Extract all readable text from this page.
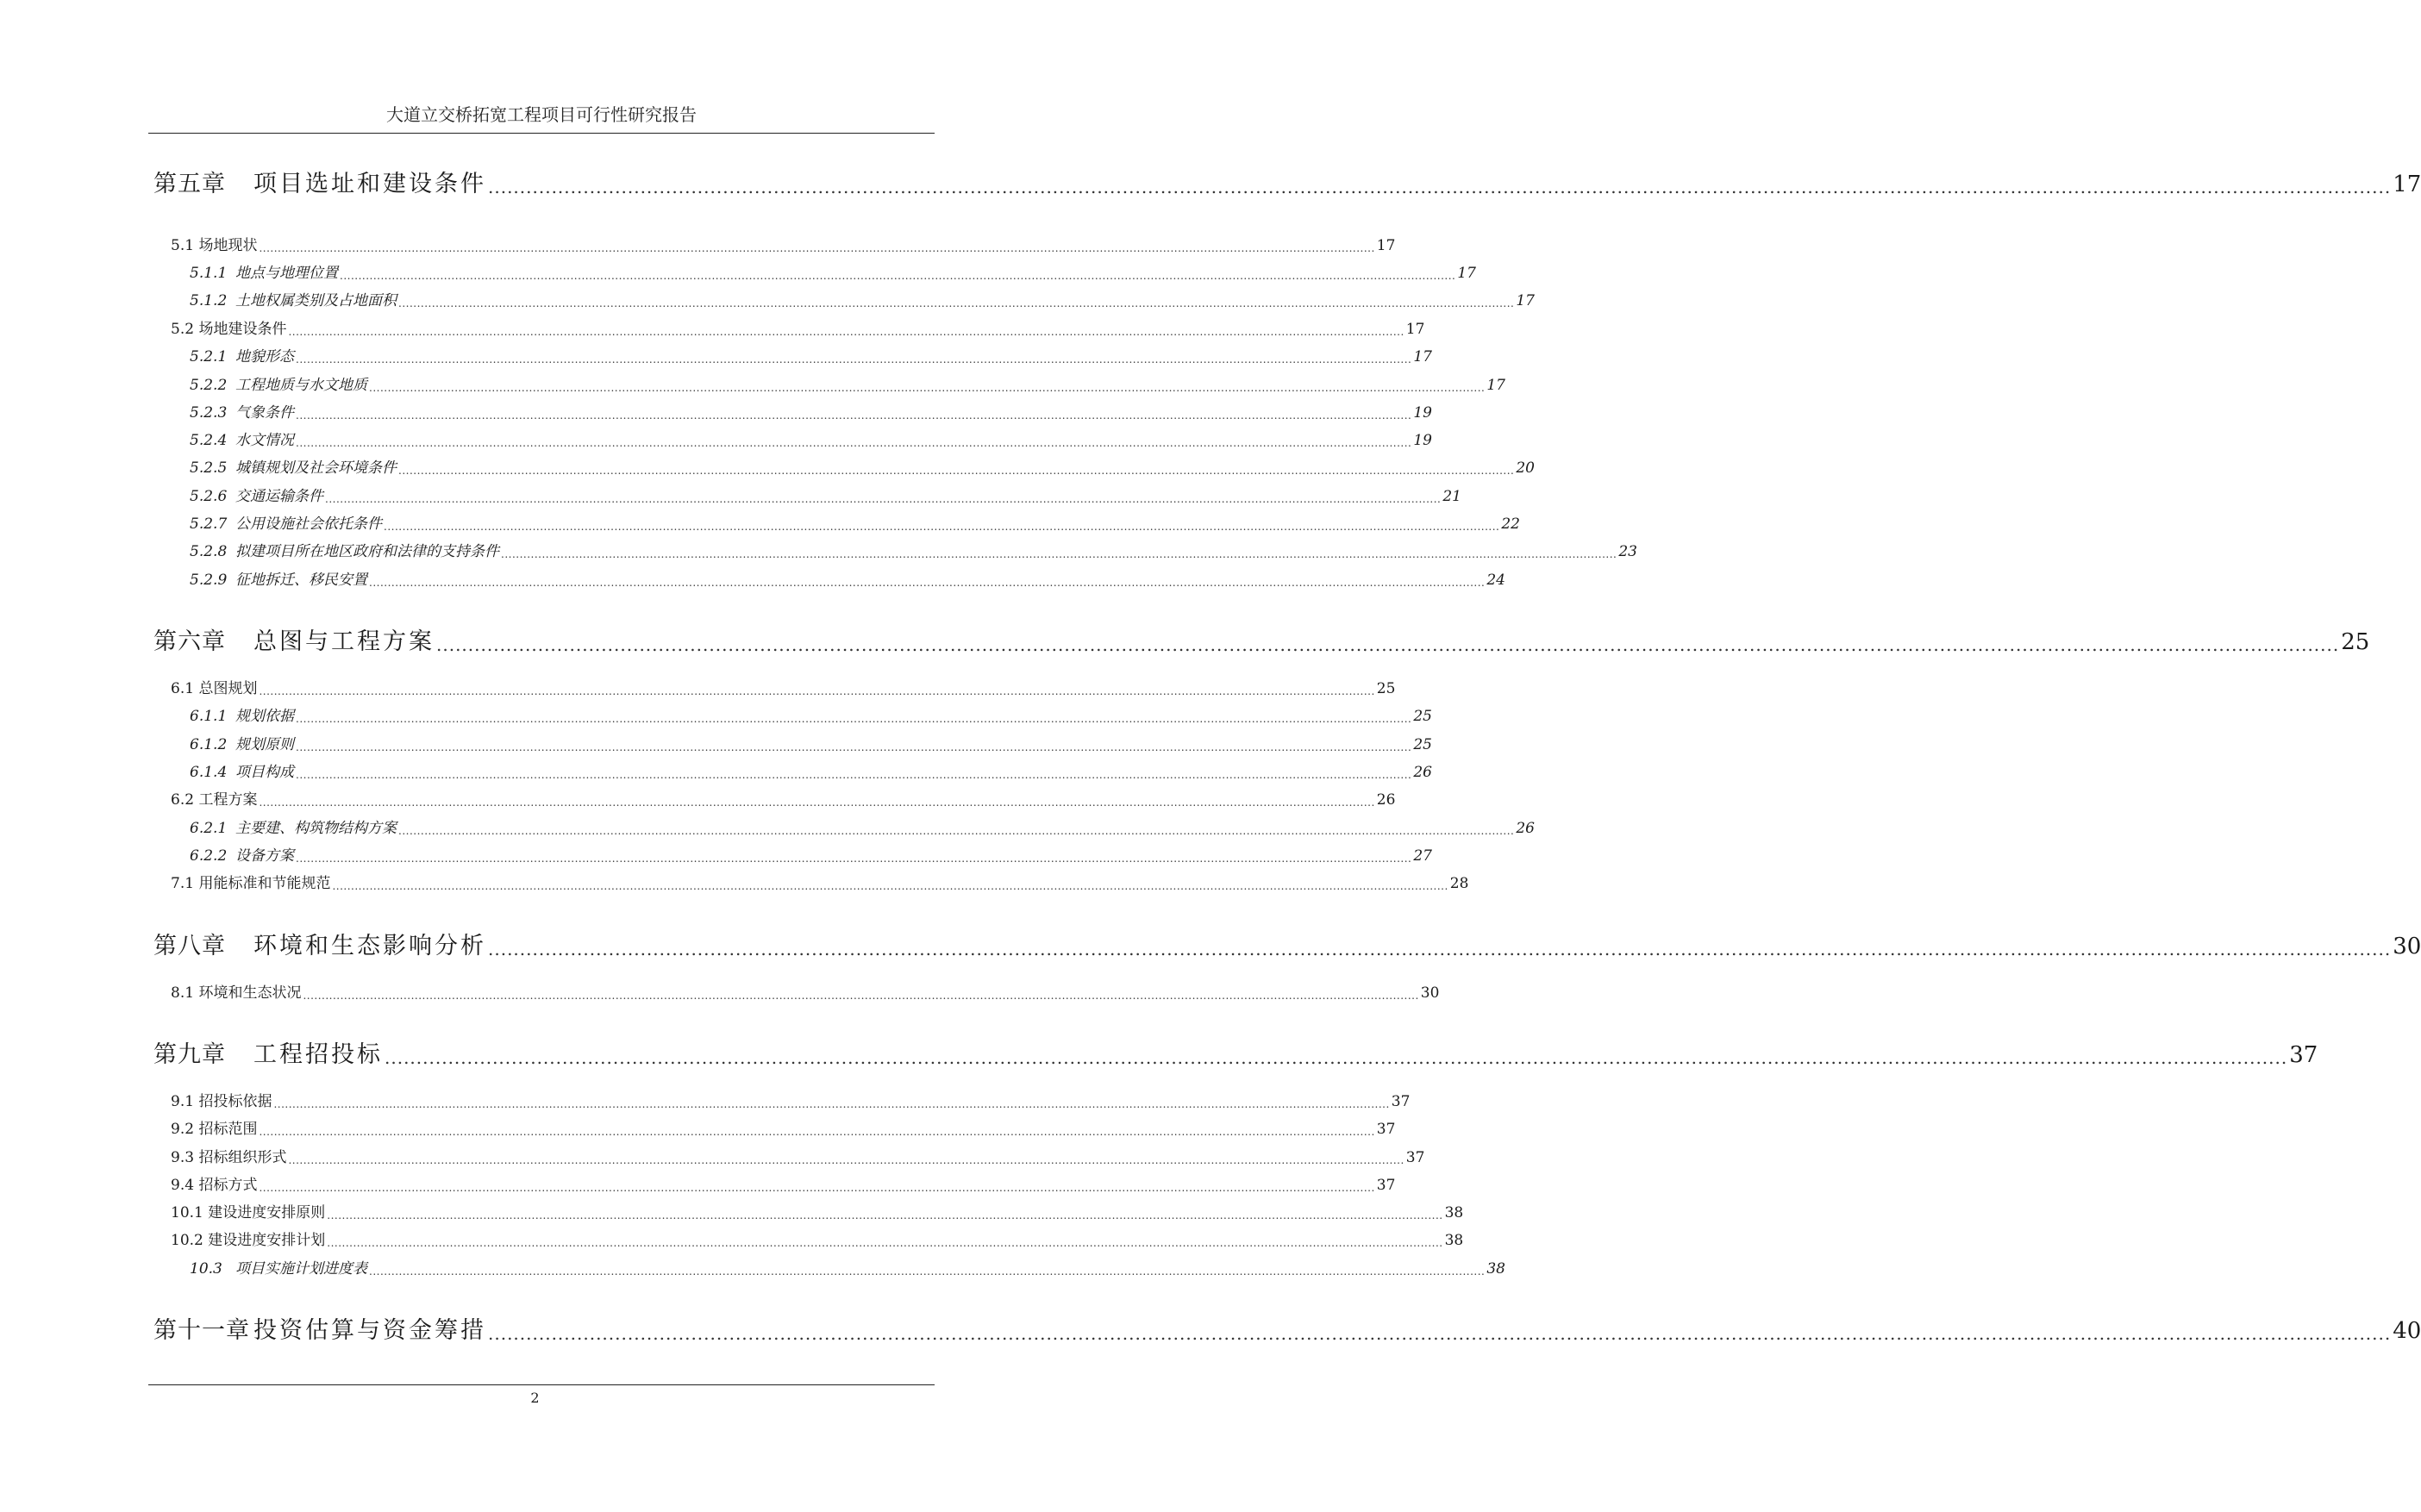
大道立交桥拓宽工程项目可行性研究报告
第五章 项目选址和建设条件 ............................................................................................................................................................................................................................................................................................................ 17
5.1 场地现状 ............................................................................................................................................................................................................................................................................................................ 17
5.1.1 地点与地理位置 ............................................................................................................................................................................................................................................................................................................ 17
5.1.2 土地权属类别及占地面积 ............................................................................................................................................................................................................................................................................................................ 17
5.2 场地建设条件 ............................................................................................................................................................................................................................................................................................................ 17
5.2.1 地貌形态 ............................................................................................................................................................................................................................................................................................................ 17
5.2.2 工程地质与水文地质 ............................................................................................................................................................................................................................................................................................................ 17
5.2.3 气象条件 ............................................................................................................................................................................................................................................................................................................ 19
5.2.4 水文情况 ............................................................................................................................................................................................................................................................................................................ 19
5.2.5 城镇规划及社会环境条件 ............................................................................................................................................................................................................................................................................................................ 20
5.2.6 交通运输条件 ............................................................................................................................................................................................................................................................................................................ 21
5.2.7 公用设施社会依托条件 ............................................................................................................................................................................................................................................................................................................ 22
5.2.8 拟建项目所在地区政府和法律的支持条件 ............................................................................................................................................................................................................................................................................................................ 23
5.2.9 征地拆迁、移民安置 ............................................................................................................................................................................................................................................................................................................ 24
第六章 总图与工程方案 ............................................................................................................................................................................................................................................................................................................ 25
6.1 总图规划 ............................................................................................................................................................................................................................................................................................................ 25
6.1.1 规划依据 ............................................................................................................................................................................................................................................................................................................ 25
6.1.2 规划原则 ............................................................................................................................................................................................................................................................................................................ 25
6.1.4 项目构成 ............................................................................................................................................................................................................................................................................................................ 26
6.2 工程方案 ............................................................................................................................................................................................................................................................................................................ 26
6.2.1 主要建、构筑物结构方案 ............................................................................................................................................................................................................................................................................................................ 26
6.2.2 设备方案 ............................................................................................................................................................................................................................................................................................................ 27
7.1 用能标准和节能规范 ............................................................................................................................................................................................................................................................................................................ 28
第八章 环境和生态影响分析 ............................................................................................................................................................................................................................................................................................................ 30
8.1 环境和生态状况 ............................................................................................................................................................................................................................................................................................................ 30
第九章 工程招投标 ............................................................................................................................................................................................................................................................................................................ 37
9.1 招投标依据 ............................................................................................................................................................................................................................................................................................................ 37
9.2 招标范围 ............................................................................................................................................................................................................................................................................................................ 37
9.3 招标组织形式 ............................................................................................................................................................................................................................................................................................................ 37
9.4 招标方式 ............................................................................................................................................................................................................................................................................................................ 37
10.1 建设进度安排原则 ............................................................................................................................................................................................................................................................................................................ 38
10.2 建设进度安排计划 ............................................................................................................................................................................................................................................................................................................ 38
10.3 项目实施计划进度表 ............................................................................................................................................................................................................................................................................................................ 38
第十一章 投资估算与资金筹措 ............................................................................................................................................................................................................................................................................................................ 40
2
